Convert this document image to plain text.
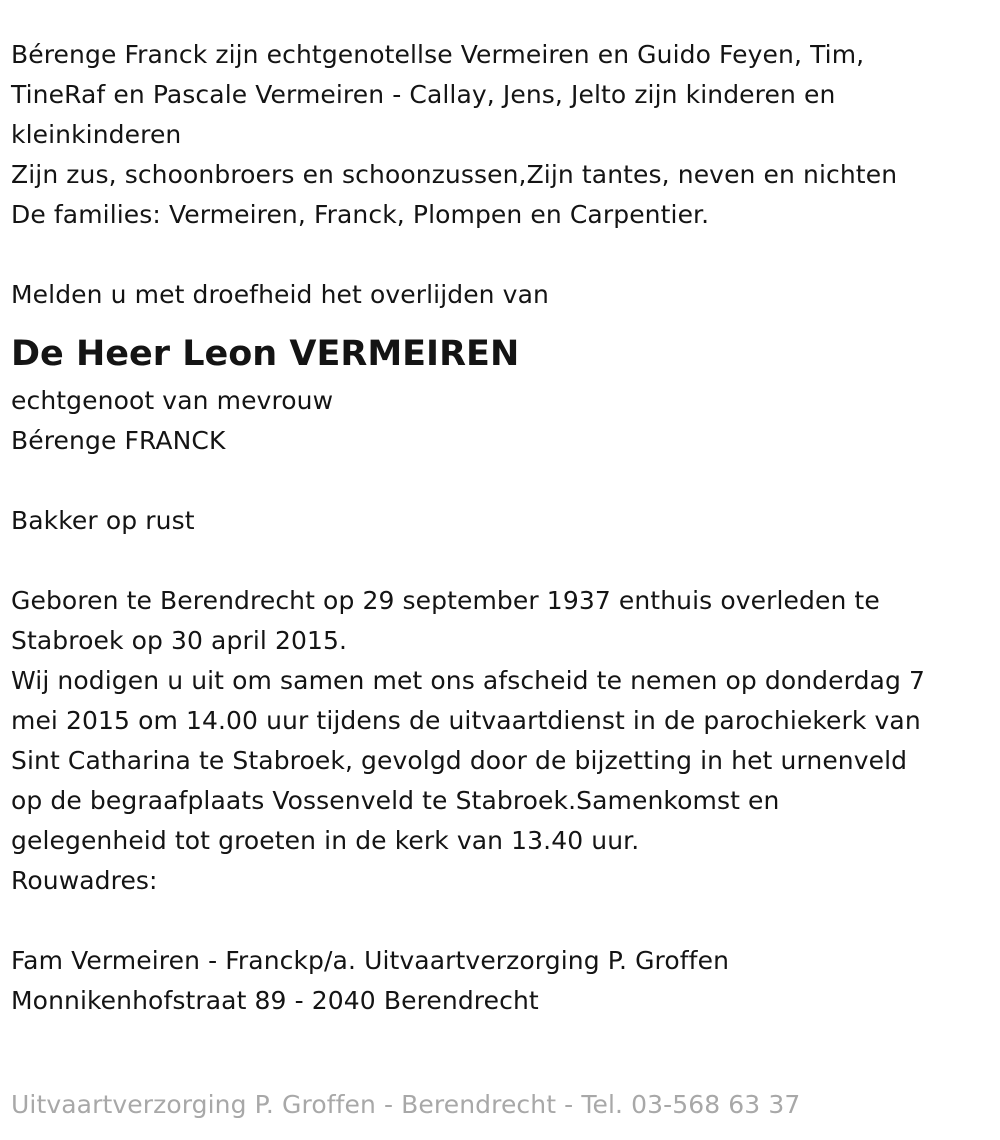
Bérenge Franck zijn echtgenotellse Vermeiren en Guido Feyen, Tim,
TineRaf en Pascale Vermeiren - Callay, Jens, Jelto zijn kinderen en
kleinkinderen
Zijn zus, schoonbroers en schoonzussen,Zijn tantes, neven en nichten
De families: Vermeiren, Franck, Plompen en Carpentier.
Melden u met droefheid het overlijden van
De Heer Leon VERMEIREN
echtgenoot van mevrouw
Bérenge FRANCK
Bakker op rust
Geboren te Berendrecht op 29 september 1937 enthuis overleden te
Stabroek op 30 april 2015.
Wij nodigen u uit om samen met ons afscheid te nemen op donderdag 7
mei 2015 om 14.00 uur tijdens de uitvaartdienst in de parochiekerk van
Sint Catharina te Stabroek, gevolgd door de bijzetting in het urnenveld
op de begraafplaats Vossenveld te Stabroek.Samenkomst en
gelegenheid tot groeten in de kerk van 13.40 uur.
Rouwadres:
Fam Vermeiren - Franckp/a. Uitvaartverzorging P. Groffen
Monnikenhofstraat 89 - 2040 Berendrecht
Uitvaartverzorging P. Groffen - Berendrecht - Tel. 03-568 63 37
